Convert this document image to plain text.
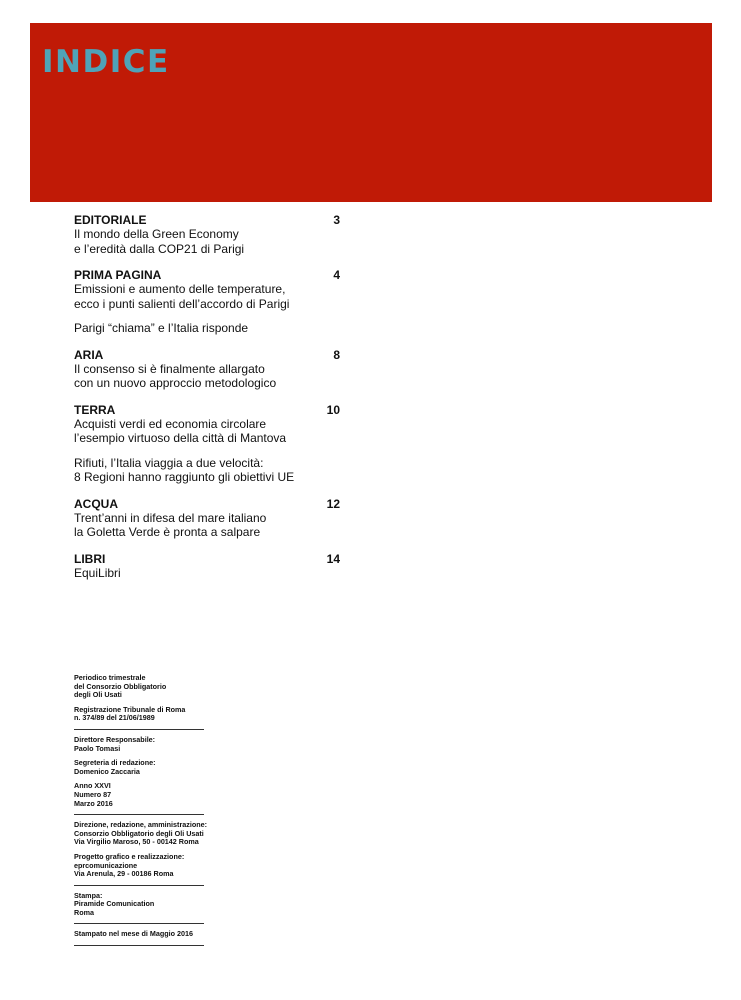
INDICE
EDITORIALE	3

Il mondo della Green Economy
e l’eredità dalla COP21 di Parigi

PRIMA PAGINA	4

Emissioni e aumento delle temperature,
ecco i punti salienti dell’accordo di Parigi

Parigi “chiama” e l’Italia risponde

ARIA	8

Il consenso si è finalmente allargato
con un nuovo approccio metodologico

TERRA	10

Acquisti verdi ed economia circolare
l’esempio virtuoso della città di Mantova

Rifiuti, l’Italia viaggia a due velocità:
8 Regioni hanno raggiunto gli obiettivi UE

ACQUA	12

Trent’anni in difesa del mare italiano
la Goletta Verde è pronta a salpare

LIBRI	14

EquiLibri

Periodico trimestrale
del Consorzio Obbligatorio
degli Oli Usati
Registrazione Tribunale di Roma
n. 374/89 del 21/06/1989
Direttore Responsabile:
Paolo Tomasi
Segreteria di redazione:
Domenico Zaccaria
Anno XXVI
Numero 87
Marzo 2016
Direzione, redazione, amministrazione:
Consorzio Obbligatorio degli Oli Usati
Via Virgilio Maroso, 50 - 00142 Roma
Progetto grafico e realizzazione:
eprcomunicazione
Via Arenula, 29 - 00186 Roma
Stampa:
Piramide Comunication
Roma
Stampato nel mese di Maggio 2016
